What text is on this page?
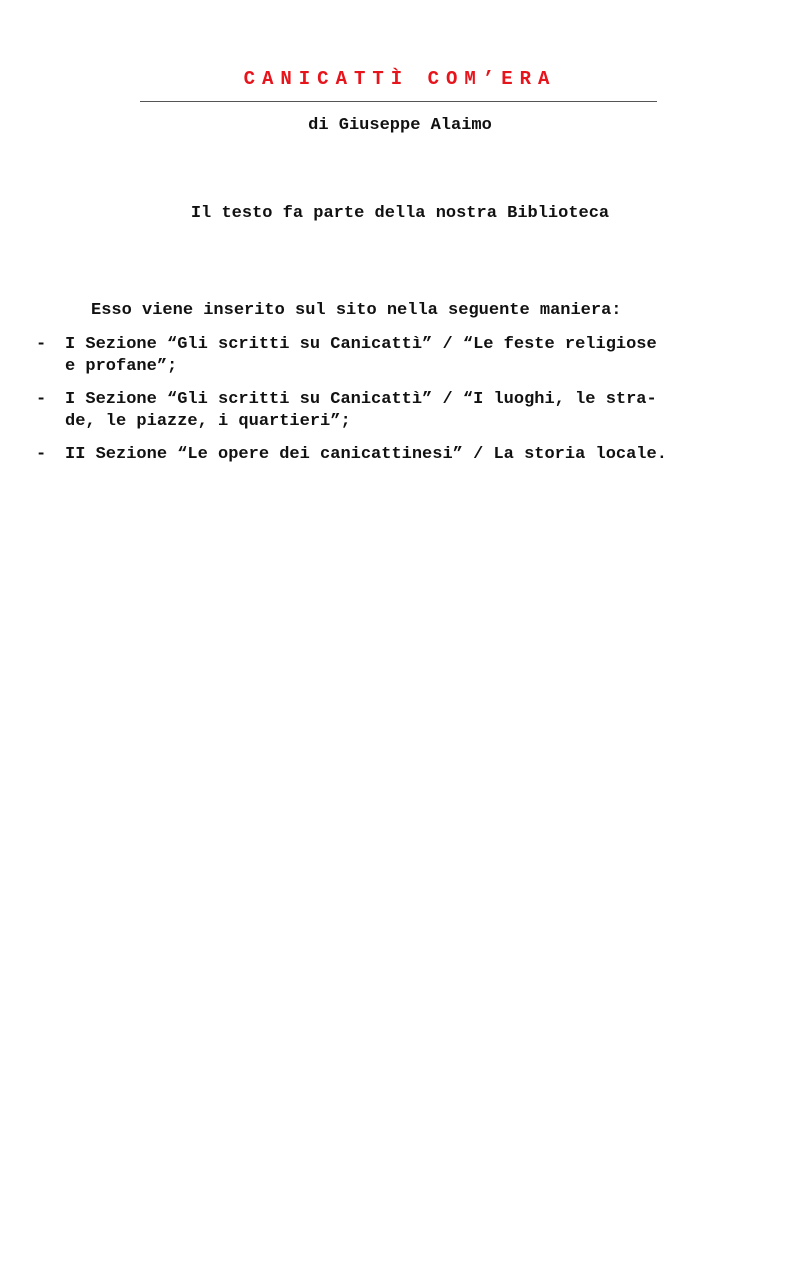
CANICATTÌ COM’ERA
di Giuseppe Alaimo
Il testo fa parte della nostra Biblioteca
Esso viene inserito sul sito nella seguente maniera:
- I Sezione “Gli scritti su Canicattì” / “Le feste religiose
e profane”;
- I Sezione “Gli scritti su Canicattì” / “I luoghi, le stra-
de, le piazze, i quartieri”;
- II Sezione “Le opere dei canicattinesi” / La storia locale.
